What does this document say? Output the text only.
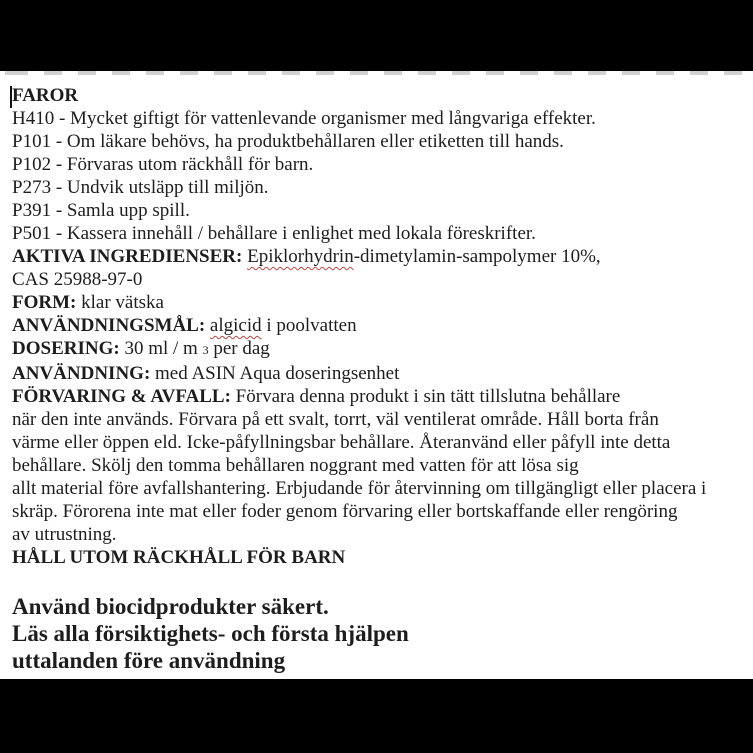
FAROR
H410 - Mycket giftigt för vattenlevande organismer med långvariga effekter.
P101 - Om läkare behövs, ha produktbehållaren eller etiketten till hands.
P102 - Förvaras utom räckhåll för barn.
P273 - Undvik utsläpp till miljön.
P391 - Samla upp spill.
P501 - Kassera innehåll / behållare i enlighet med lokala föreskrifter.
AKTIVA INGREDIENSER: Epiklorhydrin-dimetylamin-sampolymer 10%,
CAS 25988-97-0
FORM: klar vätska
ANVÄNDNINGSMÅL: algicid i poolvatten
DOSERING: 30 ml / m 3 per dag
ANVÄNDNING: med ASIN Aqua doseringsenhet
FÖRVARING & AVFALL: Förvara denna produkt i sin tätt tillslutna behållare
när den inte används. Förvara på ett svalt, torrt, väl ventilerat område. Håll borta från
värme eller öppen eld. Icke-påfyllningsbar behållare. Återanvänd eller påfyll inte detta
behållare. Skölj den tomma behållaren noggrant med vatten för att lösa sig
allt material före avfallshantering. Erbjudande för återvinning om tillgängligt eller placera i
skräp. Förorena inte mat eller foder genom förvaring eller bortskaffande eller rengöring
av utrustning.
HÅLL UTOM RÄCKHÅLL FÖR BARN
Använd biocidprodukter säkert.
Läs alla försiktighets- och första hjälpen
uttalanden före användning
